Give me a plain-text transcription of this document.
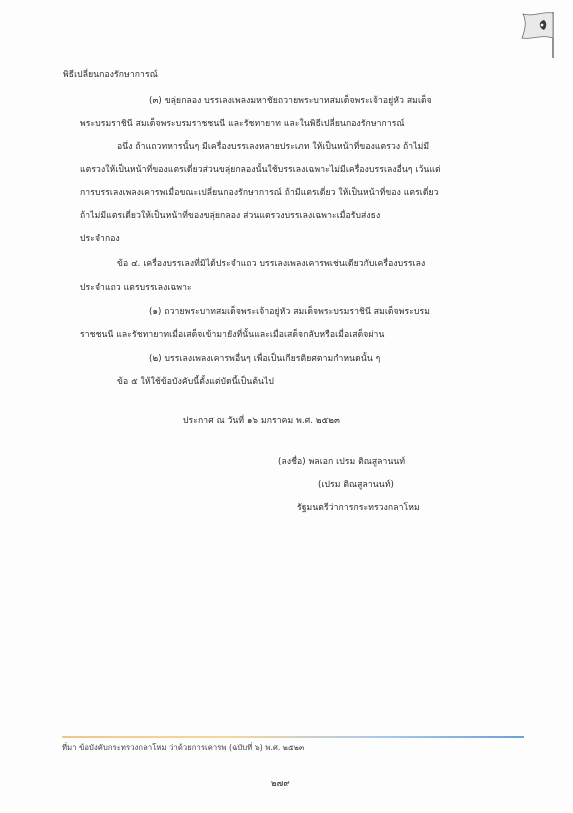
พิธีเปลี่ยนกองรักษาการณ์
(๓) ขลุ่ยกลอง บรรเลงเพลงมหาชัยถวายพระบาทสมเด็จพระเจ้าอยู่หัว สมเด็จ
พระบรมราชินี สมเด็จพระบรมราชชนนี และรัชทายาท และในพิธีเปลี่ยนกองรักษาการณ์
อนึ่ง ถ้าแถวทหารนั้นๆ มีเครื่องบรรเลงหลายประเภท ให้เป็นหน้าที่ของแตรวง ถ้าไม่มี
แตรวงให้เป็นหน้าที่ของแตรเดี่ยวส่วนขลุ่ยกลองนั้นใช้บรรเลงเฉพาะไม่มีเครื่องบรรเลงอื่นๆ เว้นแต่
การบรรเลงเพลงเคารพเมื่อขณะเปลี่ยนกองรักษาการณ์ ถ้ามีแตรเดี่ยว ให้เป็นหน้าที่ของ แตรเดี่ยว
ถ้าไม่มีแตรเดี่ยวให้เป็นหน้าที่ของขลุ่ยกลอง ส่วนแตรวงบรรเลงเฉพาะเมื่อรับส่งธง
ประจำกอง
ข้อ ๔. เครื่องบรรเลงที่มิได้ประจำแถว บรรเลงเพลงเคารพเช่นเดียวกับเครื่องบรรเลง
ประจำแถว แตรบรรเลงเฉพาะ
(๑) ถวายพระบาทสมเด็จพระเจ้าอยู่หัว สมเด็จพระบรมราชินี สมเด็จพระบรม
ราชชนนี และรัชทายาทเมื่อเสด็จเข้ามายังที่นั้นและเมื่อเสด็จกลับหรือเมื่อเสด็จผ่าน
(๒) บรรเลงเพลงเคารพอื่นๆ เพื่อเป็นเกียรติยศตามกำหนดนั้น ๆ
ข้อ ๕ ให้ใช้ข้อบังคับนี้ตั้งแต่บัดนี้เป็นต้นไป
ประกาศ ณ วันที่ ๑๖ มกราคม พ.ศ. ๒๕๒๓
(ลงชื่อ) พลเอก เปรม ติณสูลานนท์
(เปรม ติณสูลานนท์)
รัฐมนตรีว่าการกระทรวงกลาโหม
ที่มา ข้อบังคับกระทรวงกลาโหม ว่าด้วยการเคารพ (ฉบับที่ ๖) พ.ศ. ๒๕๒๓
๒๗๙
